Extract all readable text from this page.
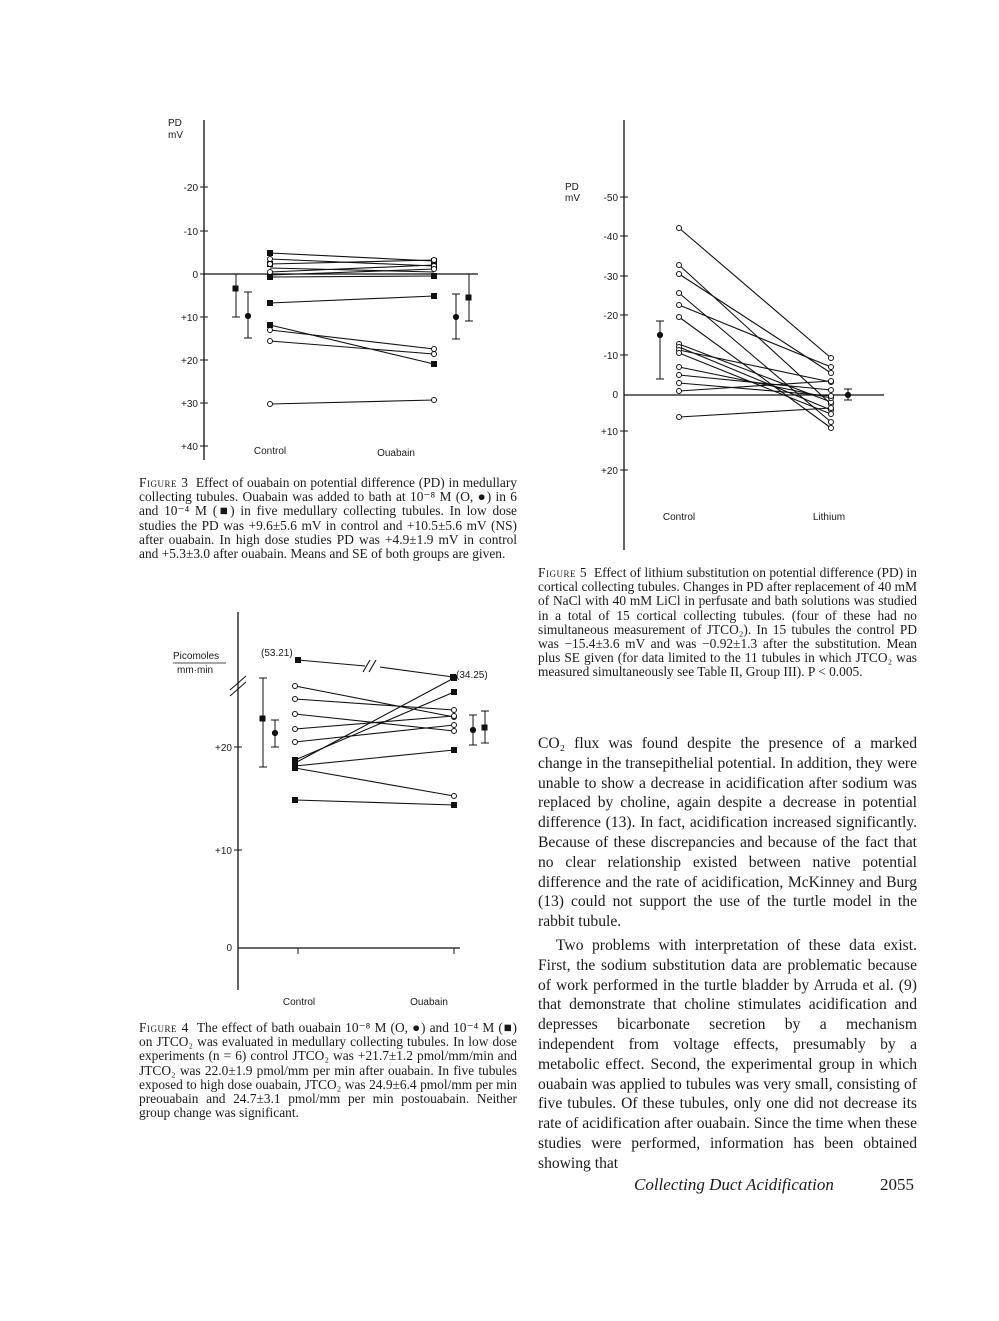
PD
mV
-20
-10
0
+10
+20
+30
+40	Control	Ouabain
Figure 3 Effect of ouabain on potential difference (PD) in medullary collecting tubules. Ouabain was added to bath at 10⁻⁸ M (O, ●) in 6 and 10⁻⁴ M (■) in five medullary collecting tubules. In low dose studies the PD was +9.6±5.6 mV in control and +10.5±5.6 mV (NS) after ouabain. In high dose studies PD was +4.9±1.9 mV in control and +5.3±3.0 after ouabain. Means and SE of both groups are given.
Picomoles
mm·min
+20
+10
0
(53.21)
(34.25)
Control	Ouabain
Figure 4 The effect of bath ouabain 10⁻⁸ M (O, ●) and 10⁻⁴ M (■) on JTCO₂ was evaluated in medullary collecting tubules. In low dose experiments (n = 6) control JTCO₂ was +21.7±1.2 pmol/mm/min and JTCO₂ was 22.0±1.9 pmol/mm per min after ouabain. In five tubules exposed to high dose ouabain, JTCO₂ was 24.9±6.4 pmol/mm per min preouabain and 24.7±3.1 pmol/mm per min postouabain. Neither group change was significant.
PD
mV -50
-40
-30
-20
-10
0
+10
+20
Control	Lithium
Figure 5 Effect of lithium substitution on potential difference (PD) in cortical collecting tubules. Changes in PD after replacement of 40 mM of NaCl with 40 mM LiCl in perfusate and bath solutions was studied in a total of 15 cortical collecting tubules. (four of these had no simultaneous measurement of JTCO₂). In 15 tubules the control PD was −15.4±3.6 mV and was −0.92±1.3 after the substitution. Mean plus SE given (for data limited to the 11 tubules in which JTCO₂ was measured simultaneously see Table II, Group III). P < 0.005.

CO₂ flux was found despite the presence of a marked change in the transepithelial potential. In addition, they were unable to show a decrease in acidification after sodium was replaced by choline, again despite a decrease in potential difference (13). In fact, acidification increased significantly. Because of these discrepancies and because of the fact that no clear relationship existed between native potential difference and the rate of acidification, McKinney and Burg (13) could not support the use of the turtle model in the rabbit tubule.

Two problems with interpretation of these data exist. First, the sodium substitution data are problematic because of work performed in the turtle bladder by Arruda et al. (9) that demonstrate that choline stimulates acidification and depresses bicarbonate secretion by a mechanism independent from voltage effects, presumably by a metabolic effect. Second, the experimental group in which ouabain was applied to tubules was very small, consisting of five tubules. Of these tubules, only one did not decrease its rate of acidification after ouabain. Since the time when these studies were performed, information has been obtained showing that

Collecting Duct Acidification	2055
